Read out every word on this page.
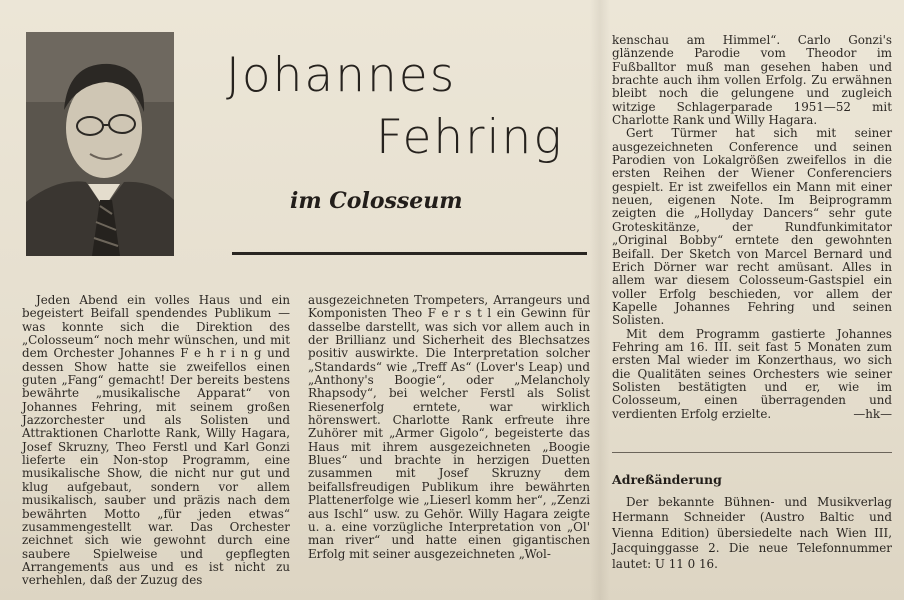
Johannes
Fehring
im Colosseum

Jeden Abend ein volles Haus und ein begeistert Beifall spendendes Publikum — was konnte sich die Direktion des „Colosseum“ noch mehr wünschen, und mit dem Orchester Johannes F e h r i n g und dessen Show hatte sie zweifellos einen guten „Fang“ gemacht! Der bereits bestens bewährte „musikalische Apparat“ von Johannes Fehring, mit seinem großen Jazzorchester und als Solisten und Attraktionen Charlotte Rank, Willy Hagara, Josef Skruzny, Theo Ferstl und Karl Gonzi lieferte ein Non-stop Programm, eine musikalische Show, die nicht nur gut und klug aufgebaut, sondern vor allem musikalisch, sauber und präzis nach dem bewährten Motto „für jeden etwas“ zusammengestellt war. Das Orchester zeichnet sich wie gewohnt durch eine saubere Spielweise und gepflegten Arrangements aus und es ist nicht zu verhehlen, daß der Zuzug des

ausgezeichneten Trompeters, Arrangeurs und Komponisten Theo F e r s t l ein Gewinn für dasselbe darstellt, was sich vor allem auch in der Brillianz und Sicherheit des Blechsatzes positiv auswirkte. Die Interpretation solcher „Standards“ wie „Treff As“ (Lover's Leap) und „Anthony's Boogie“, oder „Melancholy Rhapsody“, bei welcher Ferstl als Solist Riesenerfolg erntete, war wirklich hörenswert. Charlotte Rank erfreute ihre Zuhörer mit „Armer Gigolo“, begeisterte das Haus mit ihrem ausgezeichneten „Boogie Blues“ und brachte in herzigen Duetten zusammen mit Josef Skruzny dem beifallsfreudigen Publikum ihre bewährten Plattenerfolge wie „Lieserl komm her“, „Zenzi aus Ischl“ usw. zu Gehör. Willy Hagara zeigte u. a. eine vorzügliche Interpretation von „Ol' man river“ und hatte einen gigantischen Erfolg mit seiner ausgezeichneten „Wol-

kenschau am Himmel“. Carlo Gonzi's glänzende Parodie vom Theodor im Fußballtor muß man gesehen haben und brachte auch ihm vollen Erfolg. Zu erwähnen bleibt noch die gelungene und zugleich witzige Schlagerparade 1951—52 mit Charlotte Rank und Willy Hagara.

Gert Türmer hat sich mit seiner ausgezeichneten Conference und seinen Parodien von Lokalgrößen zweifellos in die ersten Reihen der Wiener Conferenciers gespielt. Er ist zweifellos ein Mann mit einer neuen, eigenen Note. Im Beiprogramm zeigten die „Hollyday Dancers“ sehr gute Groteskitänze, der Rundfunkimitator „Original Bobby“ erntete den gewohnten Beifall. Der Sketch von Marcel Bernard und Erich Dörner war recht amüsant. Alles in allem war diesem Colosseum-Gastspiel ein voller Erfolg beschieden, vor allem der Kapelle Johannes Fehring und seinen Solisten.

Mit dem Programm gastierte Johannes Fehring am 16. III. seit fast 5 Monaten zum ersten Mal wieder im Konzerthaus, wo sich die Qualitäten seines Orchesters wie seiner Solisten bestätigten und er, wie im Colosseum, einen überragenden und verdienten Erfolg erzielte.	—hk—

Adreßänderung

Der bekannte Bühnen- und Musikverlag Hermann Schneider (Austro Baltic und Vienna Edition) übersiedelte nach Wien III, Jacquinggasse 2. Die neue Telefonnummer lautet: U 11 0 16.
